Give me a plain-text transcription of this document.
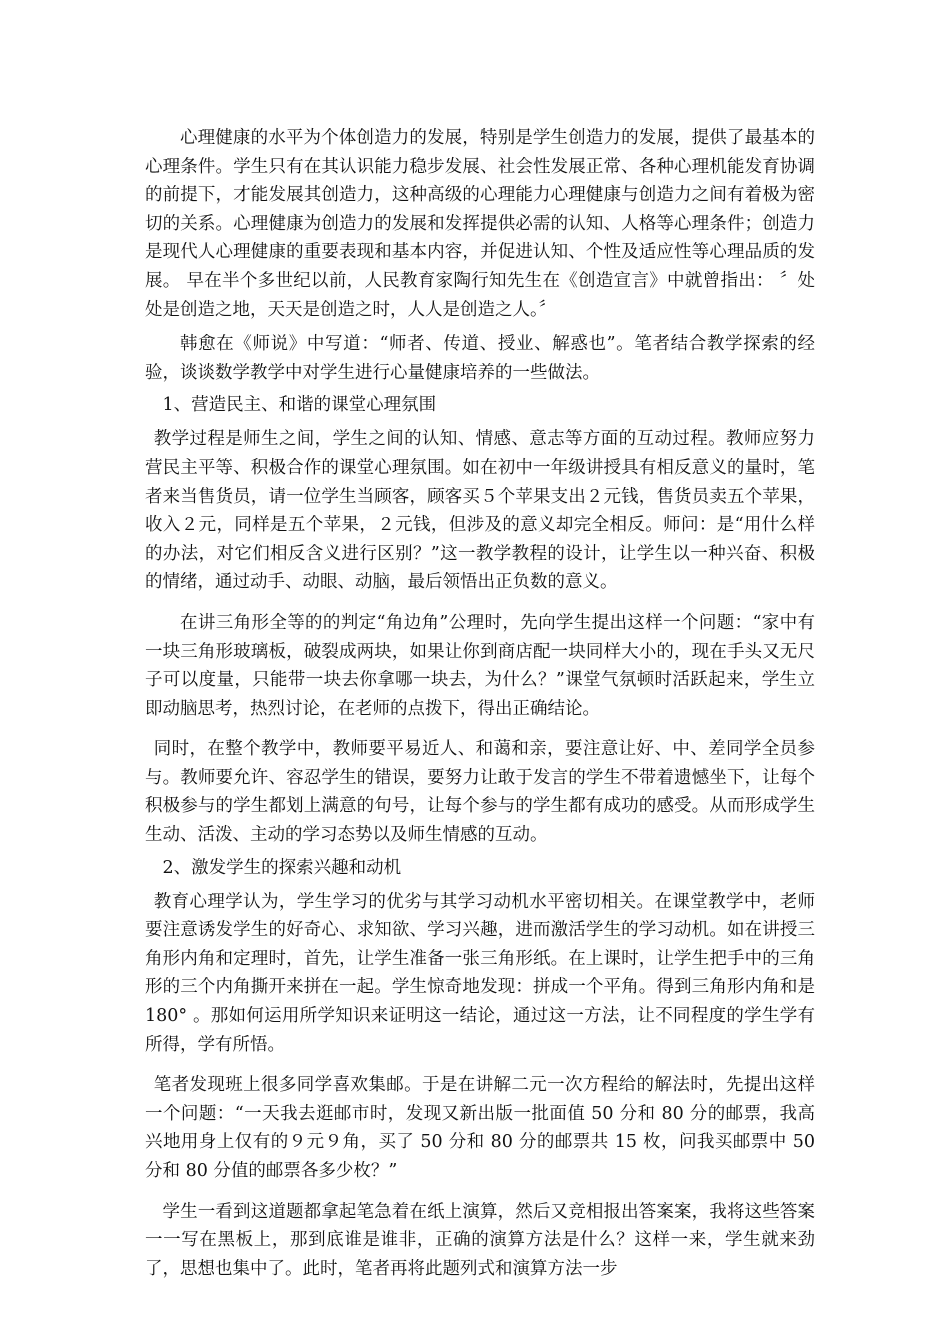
心理健康的水平为个体创造力的发展，特别是学生创造力的发展，提供了最基本的心理条件。学生只有在其认识能力稳步发展、社会性发展正常、各种心理机能发育协调的前提下，才能发展其创造力，这种高级的心理能力心理健康与创造力之间有着极为密切的关系。心理健康为创造力的发展和发挥提供必需的认知、人格等心理条件；创造力是现代人心理健康的重要表现和基本内容，并促进认知、个性及适应性等心理品质的发展。 早在半个多世纪以前，人民教育家陶行知先生在《创造宣言》中就曾指出： 〞处处是创造之地，天天是创造之时，人人是创造之人。〞

韩愈在《师说》中写道：“师者、传道、授业、解惑也”。笔者结合教学探索的经验，谈谈数学教学中对学生进行心量健康培养的一些做法。

1、营造民主、和谐的课堂心理氛围

教学过程是师生之间，学生之间的认知、情感、意志等方面的互动过程。教师应努力营民主平等、积极合作的课堂心理氛围。如在初中一年级讲授具有相反意义的量时，笔者来当售货员，请一位学生当顾客，顾客买５个苹果支出２元钱，售货员卖五个苹果，收入２元，同样是五个苹果，２元钱，但涉及的意义却完全相反。师问：是“用什么样的办法，对它们相反含义进行区别？”这一教学教程的设计，让学生以一种兴奋、积极的情绪，通过动手、动眼、动脑，最后领悟出正负数的意义。

在讲三角形全等的的判定“角边角”公理时，先向学生提出这样一个问题：“家中有一块三角形玻璃板，破裂成两块，如果让你到商店配一块同样大小的，现在手头又无尺子可以度量，只能带一块去你拿哪一块去，为什么？”课堂气氛顿时活跃起来，学生立即动脑思考，热烈讨论，在老师的点拨下，得出正确结论。

同时，在整个教学中，教师要平易近人、和蔼和亲，要注意让好、中、差同学全员参与。教师要允许、容忍学生的错误，要努力让敢于发言的学生不带着遗憾坐下，让每个积极参与的学生都划上满意的句号，让每个参与的学生都有成功的感受。从而形成学生生动、活泼、主动的学习态势以及师生情感的互动。

2、激发学生的探索兴趣和动机

教育心理学认为，学生学习的优劣与其学习动机水平密切相关。在课堂教学中，老师要注意诱发学生的好奇心、求知欲、学习兴趣，进而激活学生的学习动机。如在讲授三角形内角和定理时，首先，让学生准备一张三角形纸。在上课时，让学生把手中的三角形的三个内角撕开来拼在一起。学生惊奇地发现：拼成一个平角。得到三角形内角和是 180° 。那如何运用所学知识来证明这一结论，通过这一方法，让不同程度的学生学有所得，学有所悟。

笔者发现班上很多同学喜欢集邮。于是在讲解二元一次方程给的解法时，先提出这样一个问题：“一天我去逛邮市时，发现又新出版一批面值 50 分和 80 分的邮票，我高兴地用身上仅有的９元９角，买了 50 分和 80 分的邮票共 15 枚，问我买邮票中 50 分和 80 分值的邮票各多少枚？”

学生一看到这道题都拿起笔急着在纸上演算，然后又竞相报出答案案，我将这些答案一一写在黑板上，那到底谁是谁非，正确的演算方法是什么？这样一来，学生就来劲了，思想也集中了。此时，笔者再将此题列式和演算方法一步
